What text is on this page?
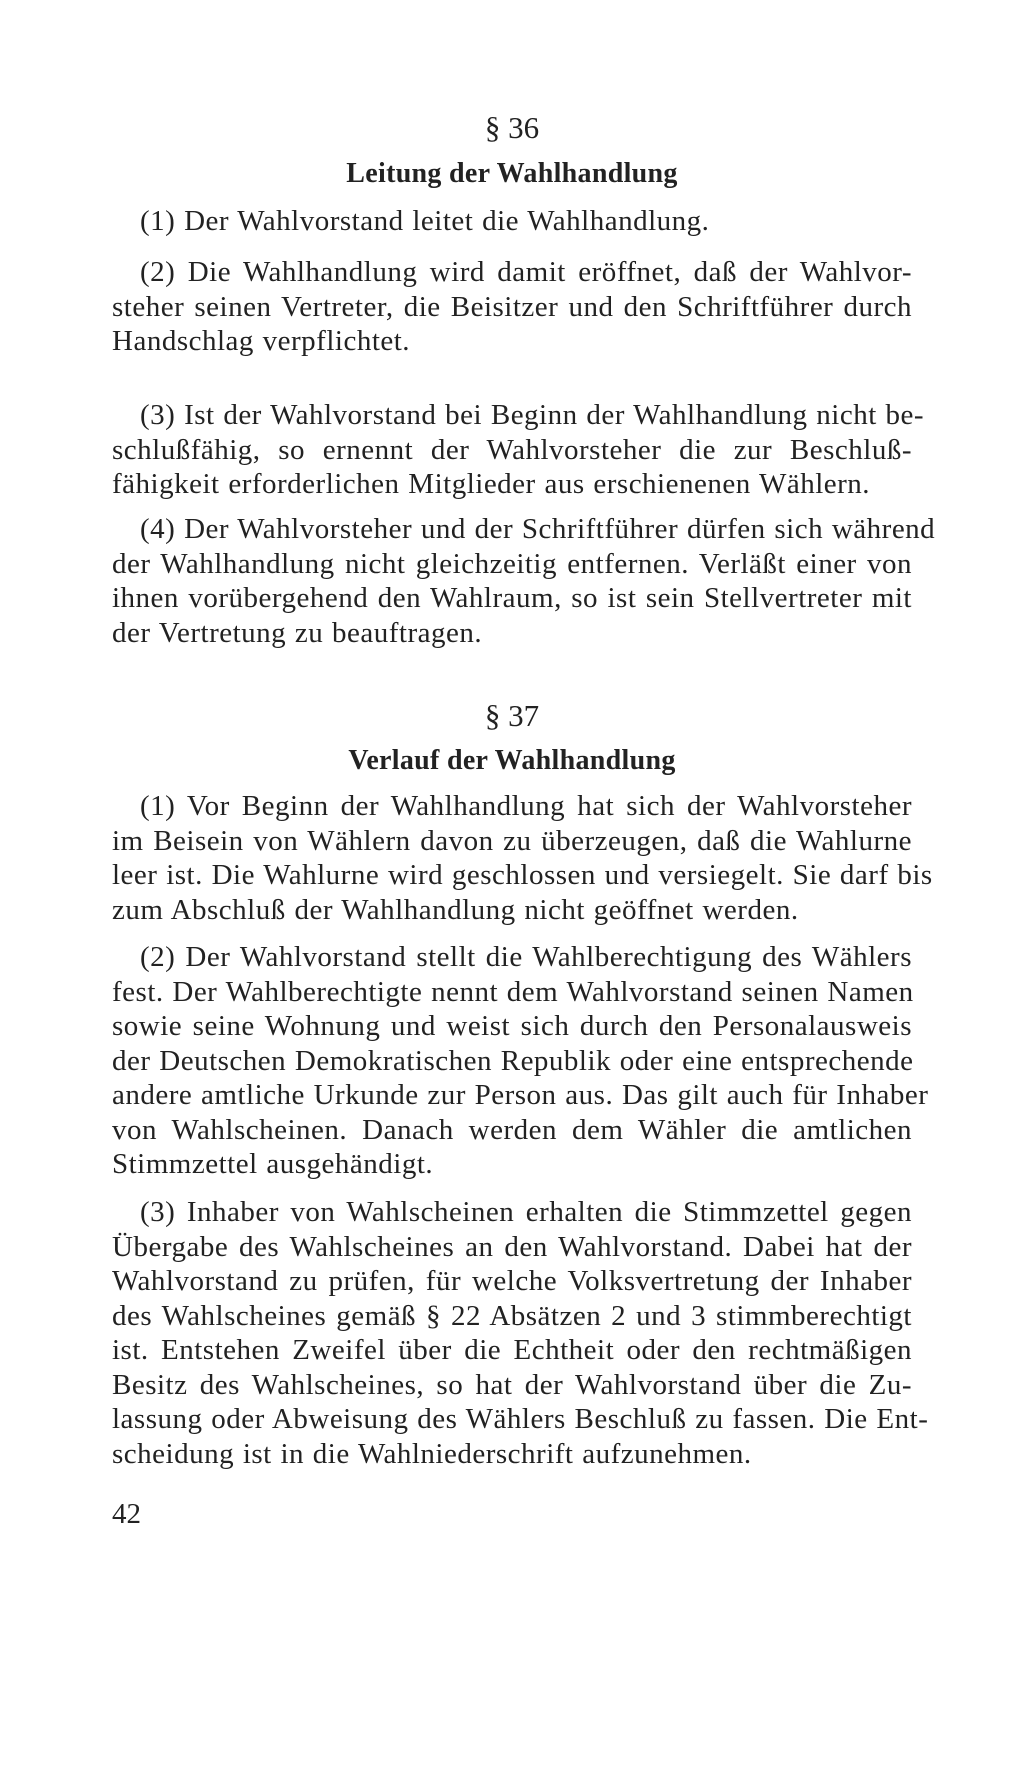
§ 36
Leitung der Wahlhandlung
(1) Der Wahlvorstand leitet die Wahlhandlung.
(2) Die Wahlhandlung wird damit eröffnet, daß der Wahlvor-
steher seinen Vertreter, die Beisitzer und den Schriftführer durch
Handschlag verpflichtet.
(3) Ist der Wahlvorstand bei Beginn der Wahlhandlung nicht be-
schlußfähig, so ernennt der Wahlvorsteher die zur Beschluß-
fähigkeit erforderlichen Mitglieder aus erschienenen Wählern.
(4) Der Wahlvorsteher und der Schriftführer dürfen sich während
der Wahlhandlung nicht gleichzeitig entfernen. Verläßt einer von
ihnen vorübergehend den Wahlraum, so ist sein Stellvertreter mit
der Vertretung zu beauftragen.
§ 37
Verlauf der Wahlhandlung
(1) Vor Beginn der Wahlhandlung hat sich der Wahlvorsteher
im Beisein von Wählern davon zu überzeugen, daß die Wahlurne
leer ist. Die Wahlurne wird geschlossen und versiegelt. Sie darf bis
zum Abschluß der Wahlhandlung nicht geöffnet werden.
(2) Der Wahlvorstand stellt die Wahlberechtigung des Wählers
fest. Der Wahlberechtigte nennt dem Wahlvorstand seinen Namen
sowie seine Wohnung und weist sich durch den Personalausweis
der Deutschen Demokratischen Republik oder eine entsprechende
andere amtliche Urkunde zur Person aus. Das gilt auch für Inhaber
von Wahlscheinen. Danach werden dem Wähler die amtlichen
Stimmzettel ausgehändigt.
(3) Inhaber von Wahlscheinen erhalten die Stimmzettel gegen
Übergabe des Wahlscheines an den Wahlvorstand. Dabei hat der
Wahlvorstand zu prüfen, für welche Volksvertretung der Inhaber
des Wahlscheines gemäß § 22 Absätzen 2 und 3 stimmberechtigt
ist. Entstehen Zweifel über die Echtheit oder den rechtmäßigen
Besitz des Wahlscheines, so hat der Wahlvorstand über die Zu-
lassung oder Abweisung des Wählers Beschluß zu fassen. Die Ent-
scheidung ist in die Wahlniederschrift aufzunehmen.
42
